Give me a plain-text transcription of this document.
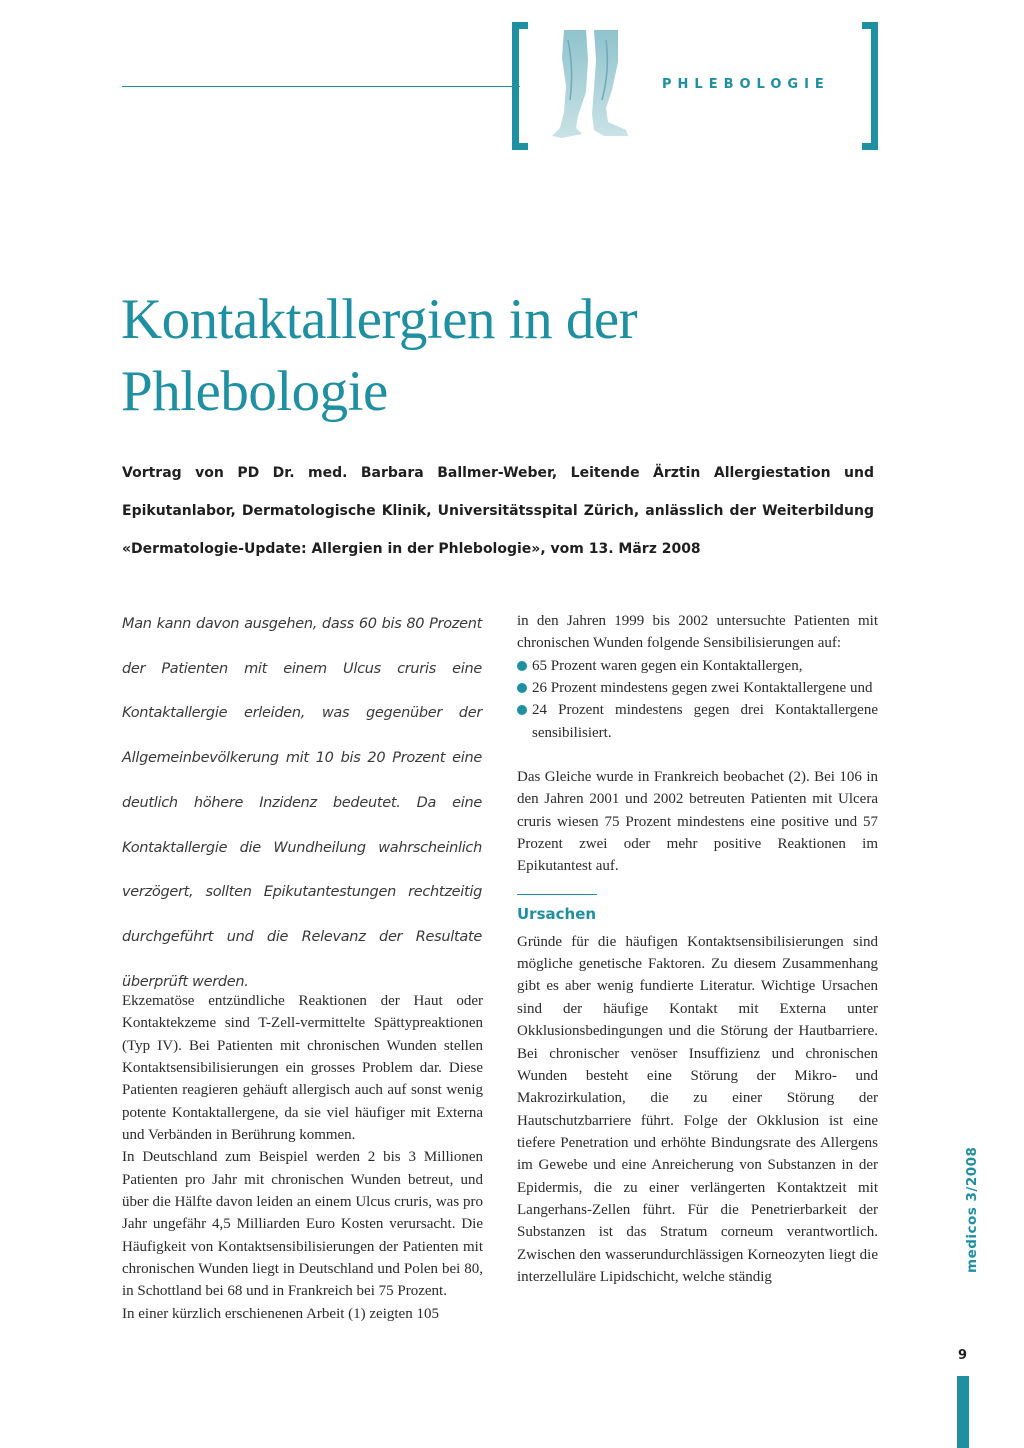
PHLEBOLOGIE
Kontaktallergien in der
Phlebologie
Vortrag von PD Dr. med. Barbara Ballmer-Weber, Leitende Ärztin Allergiestation und Epikutanlabor, Dermatologische Klinik, Universitätsspital Zürich, anlässlich der Weiterbildung «Dermatologie-Update: Allergien in der Phlebologie», vom 13. März 2008
Man kann davon ausgehen, dass 60 bis 80 Prozent der Patienten mit einem Ulcus cruris eine Kontaktallergie erleiden, was gegenüber der Allgemeinbevölkerung mit 10 bis 20 Prozent eine deutlich höhere Inzidenz bedeutet. Da eine Kontaktallergie die Wundheilung wahrscheinlich verzögert, sollten Epikutantestungen rechtzeitig durchgeführt und die Relevanz der Resultate überprüft werden.

Ekzematöse entzündliche Reaktionen der Haut oder Kontaktekzeme sind T-Zell-vermittelte Spättypreaktionen (Typ IV). Bei Patienten mit chronischen Wunden stellen Kontaktsensibilisierungen ein grosses Problem dar. Diese Patienten reagieren gehäuft allergisch auch auf sonst wenig potente Kontaktallergene, da sie viel häufiger mit Externa und Verbänden in Berührung kommen.

In Deutschland zum Beispiel werden 2 bis 3 Millionen Patienten pro Jahr mit chronischen Wunden betreut, und über die Hälfte davon leiden an einem Ulcus cruris, was pro Jahr ungefähr 4,5 Milliarden Euro Kosten verursacht. Die Häufigkeit von Kontaktsensibilisierungen der Patienten mit chronischen Wunden liegt in Deutschland und Polen bei 80, in Schottland bei 68 und in Frankreich bei 75 Prozent.

In einer kürzlich erschienenen Arbeit (1) zeigten 105

in den Jahren 1999 bis 2002 untersuchte Patienten mit chronischen Wunden folgende Sensibilisierungen auf:

65 Prozent waren gegen ein Kontaktallergen,
26 Prozent mindestens gegen zwei Kontaktallergene und
24 Prozent mindestens gegen drei Kontaktallergene sensibilisiert.

Das Gleiche wurde in Frankreich beobachet (2). Bei 106 in den Jahren 2001 und 2002 betreuten Patienten mit Ulcera cruris wiesen 75 Prozent mindestens eine positive und 57 Prozent zwei oder mehr positive Reaktionen im Epikutantest auf.

Ursachen

Gründe für die häufigen Kontaktsensibilisierungen sind mögliche genetische Faktoren. Zu diesem Zusammenhang gibt es aber wenig fundierte Literatur. Wichtige Ursachen sind der häufige Kontakt mit Externa unter Okklusionsbedingungen und die Störung der Hautbarriere. Bei chronischer venöser Insuffizienz und chronischen Wunden besteht eine Störung der Mikro- und Makrozirkulation, die zu einer Störung der Hautschutzbarriere führt. Folge der Okklusion ist eine tiefere Penetration und erhöhte Bindungsrate des Allergens im Gewebe und eine Anreicherung von Substanzen in der Epidermis, die zu einer verlängerten Kontaktzeit mit Langerhans-Zellen führt. Für die Penetrierbarkeit der Substanzen ist das Stratum corneum verantwortlich. Zwischen den wasserundurchlässigen Korneozyten liegt die interzelluläre Lipidschicht, welche ständig

medicos 3/2008
9
